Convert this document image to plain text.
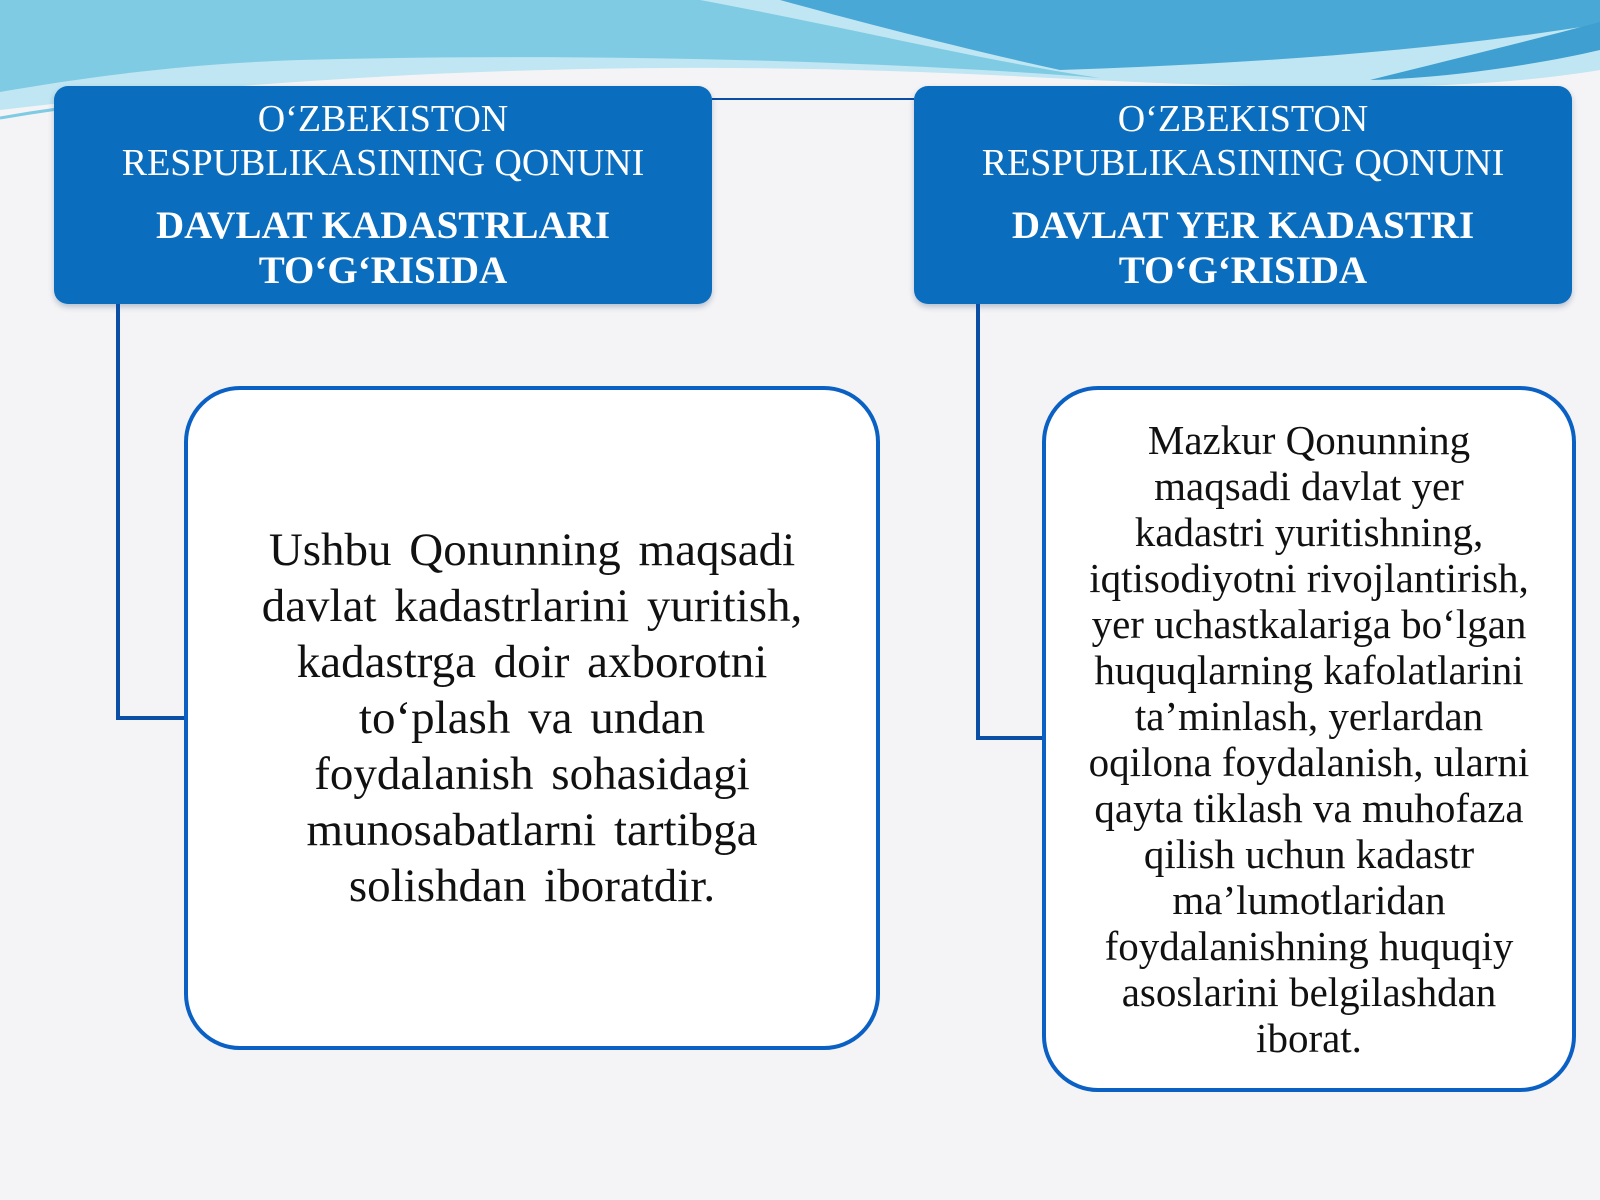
O‘ZBEKISTON
RESPUBLIKASINING QONUNI
DAVLAT KADASTRLARI
TO‘G‘RISIDA
O‘ZBEKISTON
RESPUBLIKASINING QONUNI
DAVLAT YER KADASTRI
TO‘G‘RISIDA
Ushbu Qonunning maqsadi
davlat kadastrlarini yuritish,
kadastrga doir axborotni
to‘plash va undan
foydalanish sohasidagi
munosabatlarni tartibga
solishdan iboratdir.
Mazkur Qonunning
maqsadi davlat yer
kadastri yuritishning,
iqtisodiyotni rivojlantirish,
yer uchastkalariga bo‘lgan
huquqlarning kafolatlarini
ta’minlash, yerlardan
oqilona foydalanish, ularni
qayta tiklash va muhofaza
qilish uchun kadastr
ma’lumotlaridan
foydalanishning huquqiy
asoslarini belgilashdan
iborat.
